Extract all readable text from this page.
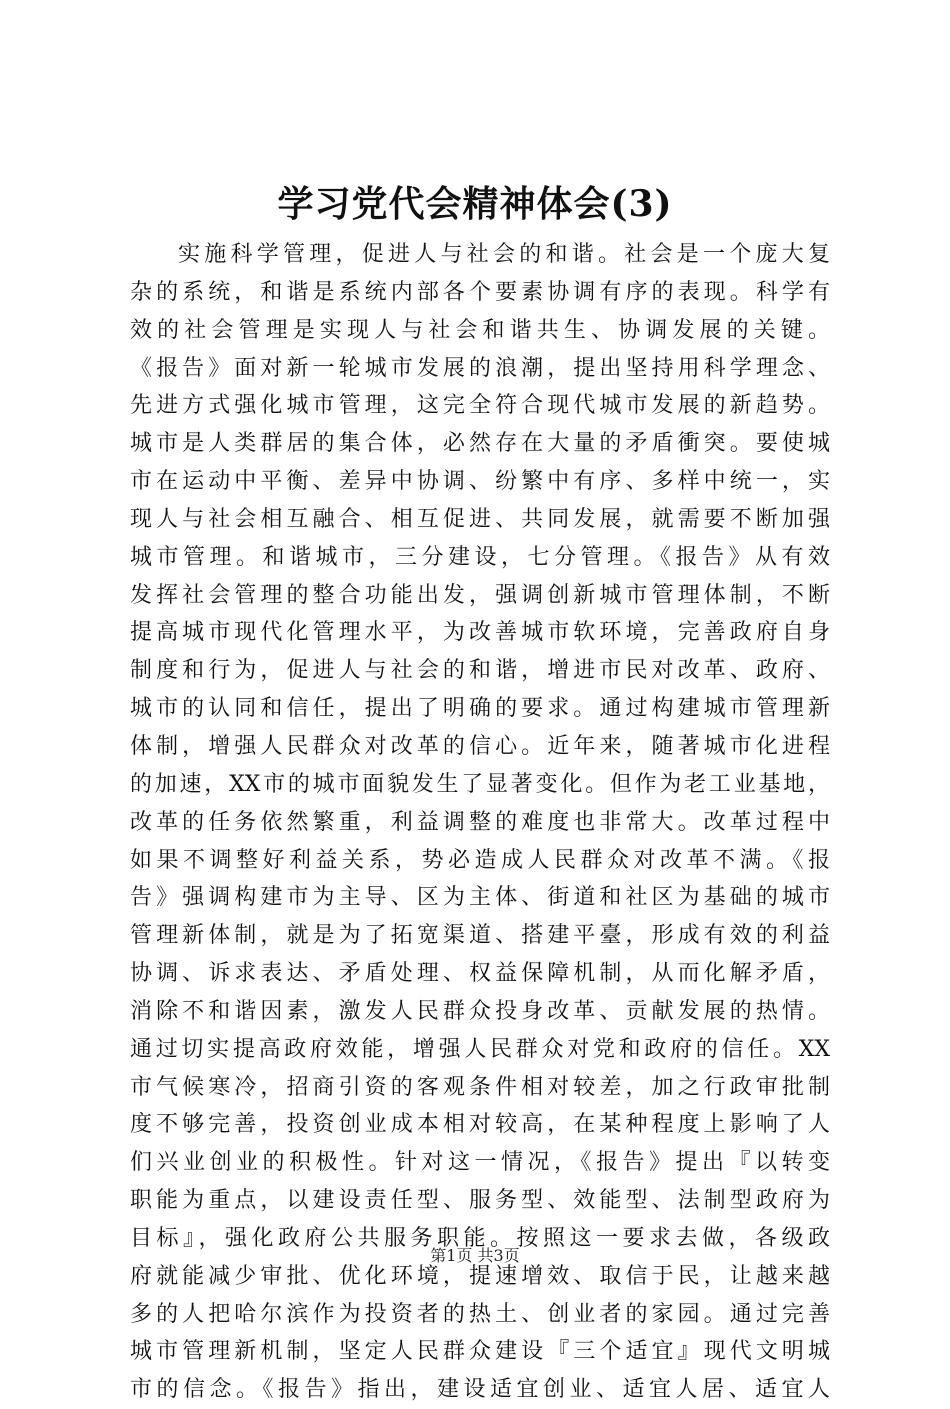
学习党代会精神体会(3)
实施科学管理，促进人与社会的和谐。社会是一个庞大复
杂的系统，和谐是系统内部各个要素协调有序的表现。科学有
效的社会管理是实现人与社会和谐共生、协调发展的关键。
《报告》面对新一轮城市发展的浪潮，提出坚持用科学理念、
先进方式强化城市管理，这完全符合现代城市发展的新趋势。
城市是人类群居的集合体，必然存在大量的矛盾衝突。要使城
市在运动中平衡、差异中协调、纷繁中有序、多样中统一，实
现人与社会相互融合、相互促进、共同发展，就需要不断加强
城市管理。和谐城市，三分建设，七分管理。《报告》从有效
发挥社会管理的整合功能出发，强调创新城市管理体制，不断
提高城市现代化管理水平，为改善城市软环境，完善政府自身
制度和行为，促进人与社会的和谐，增进市民对改革、政府、
城市的认同和信任，提出了明确的要求。通过构建城市管理新
体制，增强人民群众对改革的信心。近年来，随著城市化进程
的加速，XX市的城市面貌发生了显著变化。但作为老工业基地，
改革的任务依然繁重，利益调整的难度也非常大。改革过程中
如果不调整好利益关系，势必造成人民群众对改革不满。《报
告》强调构建市为主导、区为主体、街道和社区为基础的城市
管理新体制，就是为了拓宽渠道、搭建平臺，形成有效的利益
协调、诉求表达、矛盾处理、权益保障机制，从而化解矛盾，
消除不和谐因素，激发人民群众投身改革、贡献发展的热情。
通过切实提高政府效能，增强人民群众对党和政府的信任。XX
市气候寒冷，招商引资的客观条件相对较差，加之行政审批制
度不够完善，投资创业成本相对较高，在某种程度上影响了人
们兴业创业的积极性。针对这一情况，《报告》提出『以转变
职能为重点，以建设责任型、服务型、效能型、法制型政府为
目标』，强化政府公共服务职能。按照这一要求去做，各级政
府就能减少审批、优化环境，提速增效、取信于民，让越来越
多的人把哈尔滨作为投资者的热土、创业者的家园。通过完善
城市管理新机制，坚定人民群众建设『三个适宜』现代文明城
市的信念。《报告》指出，建设适宜创业、适宜人居、适宜人
第1页 共3页
